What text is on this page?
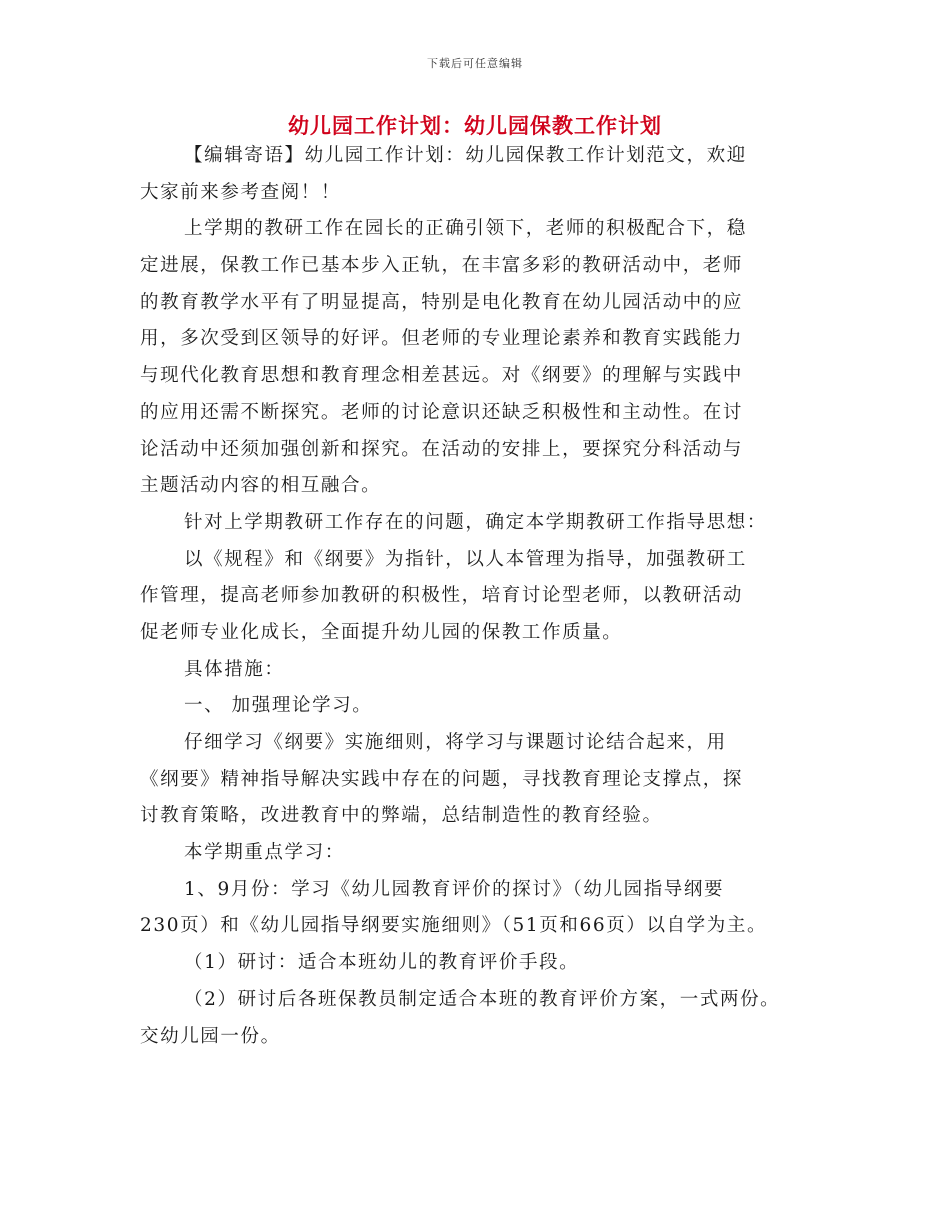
下载后可任意编辑
幼儿园工作计划：幼儿园保教工作计划
【编辑寄语】幼儿园工作计划：幼儿园保教工作计划范文，欢迎
大家前来参考查阅！！
上学期的教研工作在园长的正确引领下，老师的积极配合下，稳
定进展，保教工作已基本步入正轨，在丰富多彩的教研活动中，老师
的教育教学水平有了明显提高，特别是电化教育在幼儿园活动中的应
用，多次受到区领导的好评。但老师的专业理论素养和教育实践能力
与现代化教育思想和教育理念相差甚远。对《纲要》的理解与实践中
的应用还需不断探究。老师的讨论意识还缺乏积极性和主动性。在讨
论活动中还须加强创新和探究。在活动的安排上，要探究分科活动与
主题活动内容的相互融合。
针对上学期教研工作存在的问题，确定本学期教研工作指导思想：
以《规程》和《纲要》为指针，以人本管理为指导，加强教研工
作管理，提高老师参加教研的积极性，培育讨论型老师，以教研活动
促老师专业化成长，全面提升幼儿园的保教工作质量。
具体措施：
一、 加强理论学习。
仔细学习《纲要》实施细则，将学习与课题讨论结合起来，用
《纲要》精神指导解决实践中存在的问题，寻找教育理论支撑点，探
讨教育策略，改进教育中的弊端，总结制造性的教育经验。
本学期重点学习：
1、9月份：学习《幼儿园教育评价的探讨》（幼儿园指导纲要
230页）和《幼儿园指导纲要实施细则》（51页和66页）以自学为主。
（1）研讨：适合本班幼儿的教育评价手段。
（2）研讨后各班保教员制定适合本班的教育评价方案，一式两份。
交幼儿园一份。
